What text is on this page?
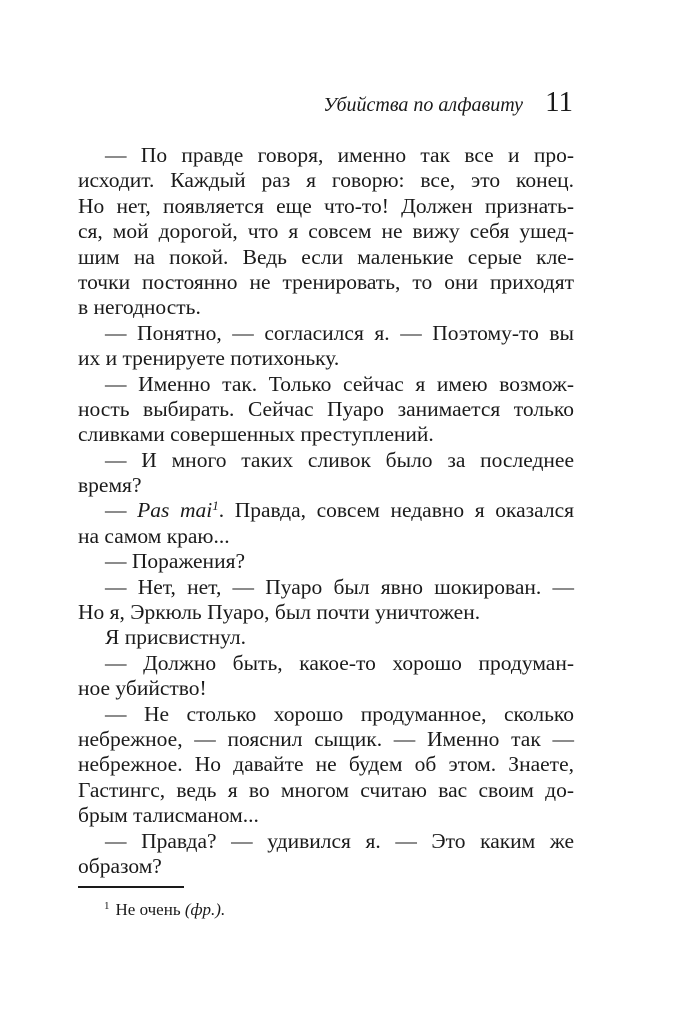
Убийства по алфавиту 11
— По правде говоря, именно так все и про-
исходит. Каждый раз я говорю: все, это конец.
Но нет, появляется еще что-то! Должен признать-
ся, мой дорогой, что я совсем не вижу себя ушед-
шим на покой. Ведь если маленькие серые кле-
точки постоянно не тренировать, то они приходят
в негодность.
— Понятно, — согласился я. — Поэтому-то вы
их и тренируете потихоньку.
— Именно так. Только сейчас я имею возмож-
ность выбирать. Сейчас Пуаро занимается только
сливками совершенных преступлений.
— И много таких сливок было за последнее
время?
— Pas mai$^1$. Правда, совсем недавно я оказался
на самом краю...
— Поражения?
— Нет, нет, — Пуаро был явно шокирован. —
Но я, Эркюль Пуаро, был почти уничтожен.
Я присвистнул.
— Должно быть, какое-то хорошо продуман-
ное убийство!
— Не столько хорошо продуманное, сколько
небрежное, — пояснил сыщик. — Именно так —
небрежное. Но давайте не будем об этом. Знаете,
Гастингс, ведь я во многом считаю вас своим до-
брым талисманом...
— Правда? — удивился я. — Это каким же
образом?
$^1$ Не очень (фр.).
